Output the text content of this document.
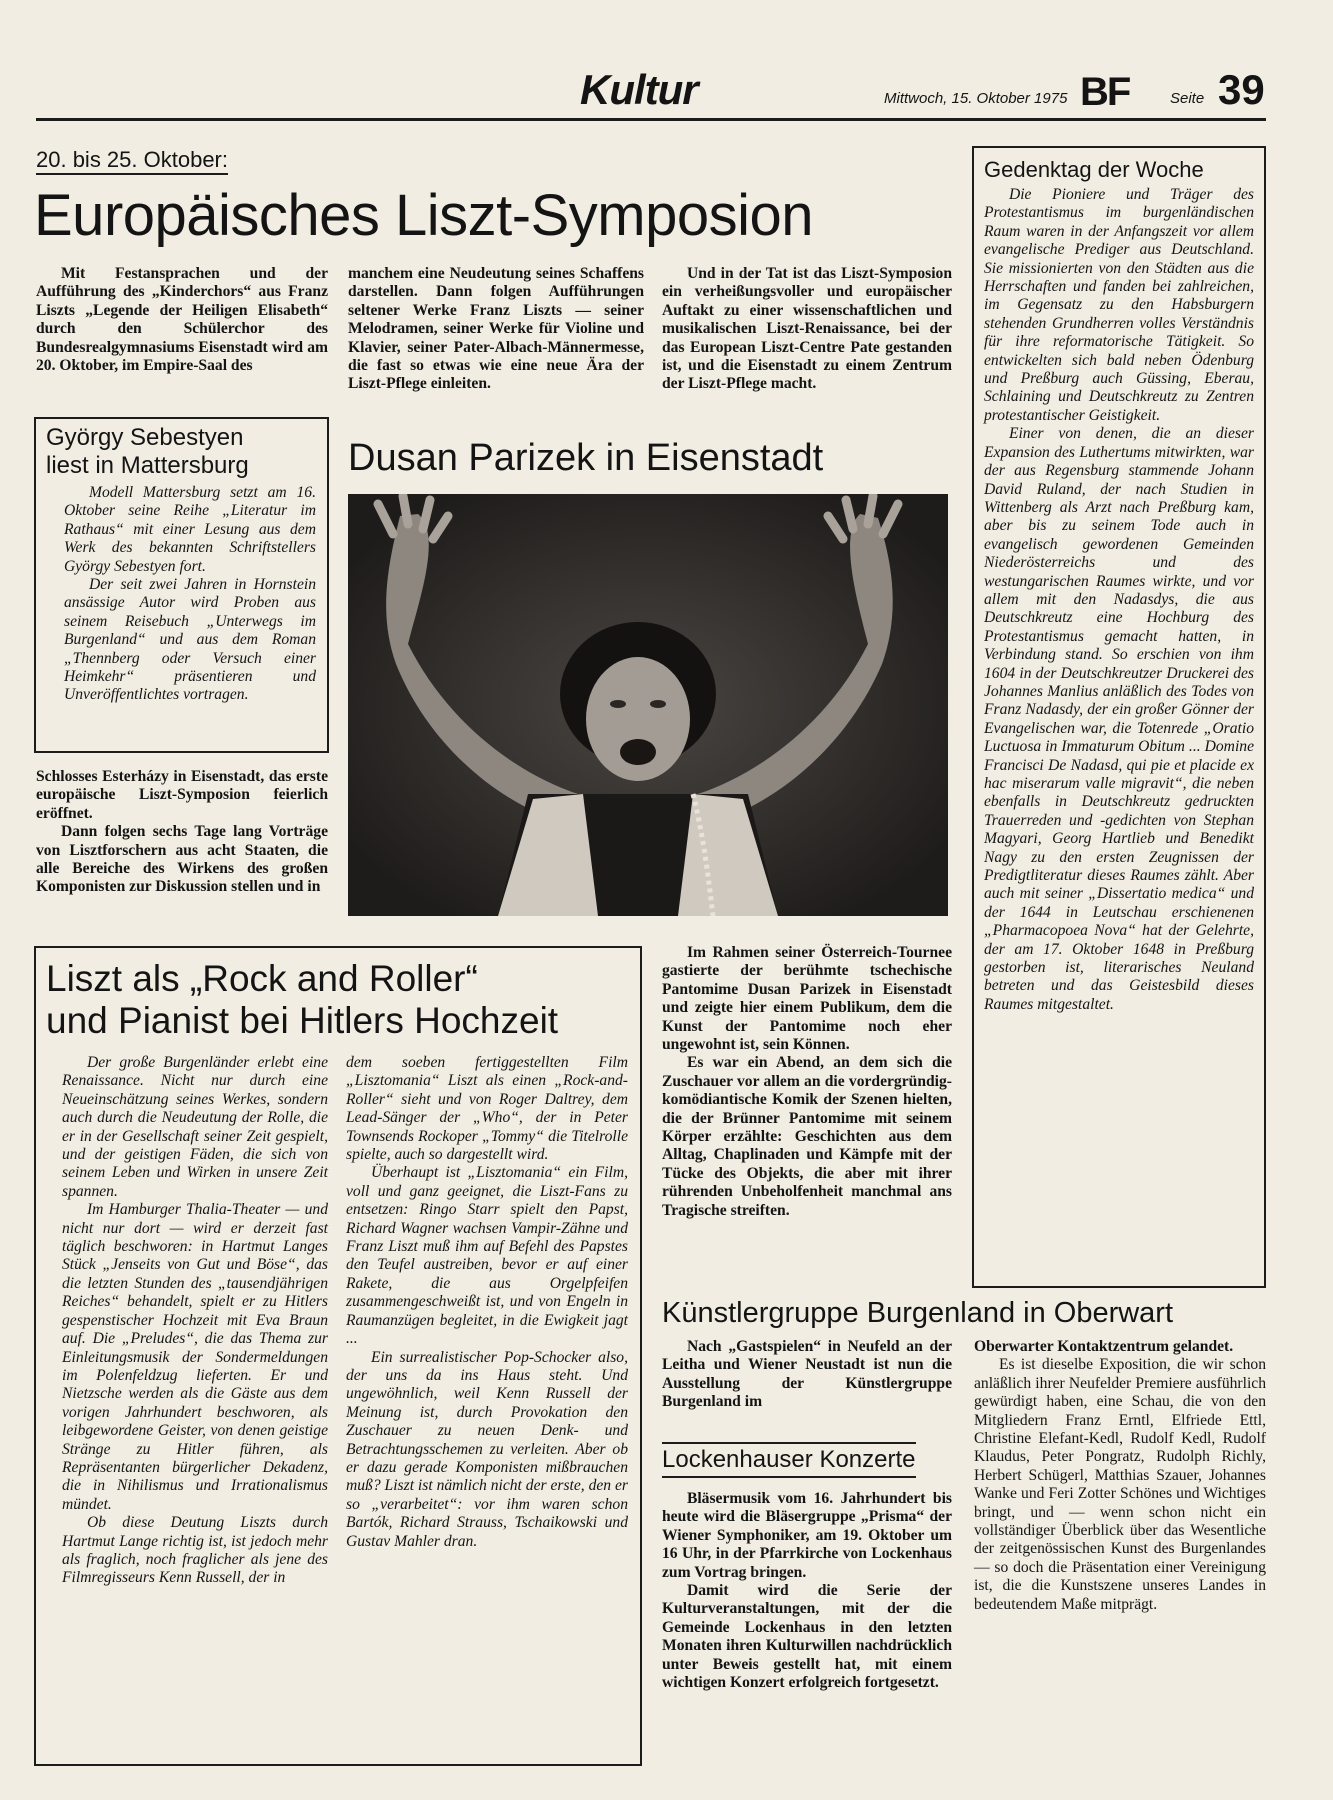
Kultur	Mittwoch, 15. Oktober 1975 BF	Seite 39
20. bis 25. Oktober:
Europäisches Liszt-Symposion

Mit Festansprachen und der Aufführung des „Kinderchors“ aus Franz Liszts „Legende der Heiligen Elisabeth“ durch den Schülerchor des Bundesrealgymnasiums Eisenstadt wird am 20. Oktober, im Empire-Saal des

manchem eine Neudeutung seines Schaffens darstellen. Dann folgen Aufführungen seltener Werke Franz Liszts — seiner Melodramen, seiner Werke für Violine und Klavier, seiner Pater-Albach-Männermesse, die fast so etwas wie eine neue Ära der Liszt-Pflege einleiten.

Und in der Tat ist das Liszt-Symposion ein verheißungsvoller und europäischer Auftakt zu einer wissenschaftlichen und musikalischen Liszt-Renaissance, bei der das European Liszt-Centre Pate gestanden ist, und die Eisenstadt zu einem Zentrum der Liszt-Pflege macht.

György Sebestyen liest in Mattersburg

Modell Mattersburg setzt am 16. Oktober seine Reihe „Literatur im Rathaus“ mit einer Lesung aus dem Werk des bekannten Schriftstellers György Sebestyen fort.

Der seit zwei Jahren in Hornstein ansässige Autor wird Proben aus seinem Reisebuch „Unterwegs im Burgenland“ und aus dem Roman „Thennberg oder Versuch einer Heimkehr“ präsentieren und Unveröffentlichtes vortragen.

Schlosses Esterházy in Eisenstadt, das erste europäische Liszt-Symposion feierlich eröffnet.

Dann folgen sechs Tage lang Vorträge von Lisztforschern aus acht Staaten, die alle Bereiche des Wirkens des großen Komponisten zur Diskussion stellen und in

Dusan Parizek in Eisenstadt

Im Rahmen seiner Österreich-Tournee gastierte der berühmte tschechische Pantomime Dusan Parizek in Eisenstadt und zeigte hier einem Publikum, dem die Kunst der Pantomime noch eher ungewohnt ist, sein Können.

Es war ein Abend, an dem sich die Zuschauer vor allem an die vordergründig-komödiantische Komik der Szenen hielten, die der Brünner Pantomime mit seinem Körper erzählte: Geschichten aus dem Alltag, Chaplinaden und Kämpfe mit der Tücke des Objekts, die aber mit ihrer rührenden Unbeholfenheit manchmal ans Tragische streiften.

Gedenktag der Woche

Die Pioniere und Träger des Protestantismus im burgenländischen Raum waren in der Anfangszeit vor allem evangelische Prediger aus Deutschland. Sie missionierten von den Städten aus die Herrschaften und fanden bei zahlreichen, im Gegensatz zu den Habsburgern stehenden Grundherren volles Verständnis für ihre reformatorische Tätigkeit. So entwickelten sich bald neben Ödenburg und Preßburg auch Güssing, Eberau, Schlaining und Deutschkreutz zu Zentren protestantischer Geistigkeit.

Einer von denen, die an dieser Expansion des Luthertums mitwirkten, war der aus Regensburg stammende Johann David Ruland, der nach Studien in Wittenberg als Arzt nach Preßburg kam, aber bis zu seinem Tode auch in evangelisch gewordenen Gemeinden Niederösterreichs und des westungarischen Raumes wirkte, und vor allem mit den Nadasdys, die aus Deutschkreutz eine Hochburg des Protestantismus gemacht hatten, in Verbindung stand. So erschien von ihm 1604 in der Deutschkreutzer Druckerei des Johannes Manlius anläßlich des Todes von Franz Nadasdy, der ein großer Gönner der Evangelischen war, die Totenrede „Oratio Luctuosa in Immaturum Obitum ... Domine Francisci De Nadasd, qui pie et placide ex hac miserarum valle migravit“, die neben ebenfalls in Deutschkreutz gedruckten Trauerreden und -gedichten von Stephan Magyari, Georg Hartlieb und Benedikt Nagy zu den ersten Zeugnissen der Predigtliteratur dieses Raumes zählt. Aber auch mit seiner „Dissertatio medica“ und der 1644 in Leutschau erschienenen „Pharmacopoea Nova“ hat der Gelehrte, der am 17. Oktober 1648 in Preßburg gestorben ist, literarisches Neuland betreten und das Geistesbild dieses Raumes mitgestaltet.

Liszt als „Rock and Roller“
und Pianist bei Hitlers Hochzeit

Der große Burgenländer erlebt eine Renaissance. Nicht nur durch eine Neueinschätzung seines Werkes, sondern auch durch die Neudeutung der Rolle, die er in der Gesellschaft seiner Zeit gespielt, und der geistigen Fäden, die sich von seinem Leben und Wirken in unsere Zeit spannen.

Im Hamburger Thalia-Theater — und nicht nur dort — wird er derzeit fast täglich beschworen: in Hartmut Langes Stück „Jenseits von Gut und Böse“, das die letzten Stunden des „tausendjährigen Reiches“ behandelt, spielt er zu Hitlers gespenstischer Hochzeit mit Eva Braun auf. Die „Preludes“, die das Thema zur Einleitungsmusik der Sondermeldungen im Polenfeldzug lieferten. Er und Nietzsche werden als die Gäste aus dem vorigen Jahrhundert beschworen, als leibgewordene Geister, von denen geistige Stränge zu Hitler führen, als Repräsentanten bürgerlicher Dekadenz, die in Nihilismus und Irrationalismus mündet.

Ob diese Deutung Liszts durch Hartmut Lange richtig ist, ist jedoch mehr als fraglich, noch fraglicher als jene des Filmregisseurs Kenn Russell, der in

dem soeben fertiggestellten Film „Lisztomania“ Liszt als einen „Rock-and-Roller“ sieht und von Roger Daltrey, dem Lead-Sänger der „Who“, der in Peter Townsends Rockoper „Tommy“ die Titelrolle spielte, auch so dargestellt wird.

Überhaupt ist „Lisztomania“ ein Film, voll und ganz geeignet, die Liszt-Fans zu entsetzen: Ringo Starr spielt den Papst, Richard Wagner wachsen Vampir-Zähne und Franz Liszt muß ihm auf Befehl des Papstes den Teufel austreiben, bevor er auf einer Rakete, die aus Orgelpfeifen zusammengeschweißt ist, und von Engeln in Raumanzügen begleitet, in die Ewigkeit jagt ...

Ein surrealistischer Pop-Schocker also, der uns da ins Haus steht. Und ungewöhnlich, weil Kenn Russell der Meinung ist, durch Provokation den Zuschauer zu neuen Denk- und Betrachtungsschemen zu verleiten. Aber ob er dazu gerade Komponisten mißbrauchen muß? Liszt ist nämlich nicht der erste, den er so „verarbeitet“: vor ihm waren schon Bartók, Richard Strauss, Tschaikowski und Gustav Mahler dran.

Künstlergruppe Burgenland in Oberwart

Nach „Gastspielen“ in Neufeld an der Leitha und Wiener Neustadt ist nun die Ausstellung der Künstlergruppe Burgenland im

Oberwarter Kontaktzentrum gelandet.

Es ist dieselbe Exposition, die wir schon anläßlich ihrer Neufelder Premiere ausführlich gewürdigt haben, eine Schau, die von den Mitgliedern Franz Erntl, Elfriede Ettl, Christine Elefant-Kedl, Rudolf Kedl, Rudolf Klaudus, Peter Pongratz, Rudolph Richly, Herbert Schügerl, Matthias Szauer, Johannes Wanke und Feri Zotter Schönes und Wichtiges bringt, und — wenn schon nicht ein vollständiger Überblick über das Wesentliche der zeitgenössischen Kunst des Burgenlandes — so doch die Präsentation einer Vereinigung ist, die die Kunstszene unseres Landes in bedeutendem Maße mitprägt.

Lockenhauser Konzerte

Bläsermusik vom 16. Jahrhundert bis heute wird die Bläsergruppe „Prisma“ der Wiener Symphoniker, am 19. Oktober um 16 Uhr, in der Pfarrkirche von Lockenhaus zum Vortrag bringen.

Damit wird die Serie der Kulturveranstaltungen, mit der die Gemeinde Lockenhaus in den letzten Monaten ihren Kulturwillen nachdrücklich unter Beweis gestellt hat, mit einem wichtigen Konzert erfolgreich fortgesetzt.
